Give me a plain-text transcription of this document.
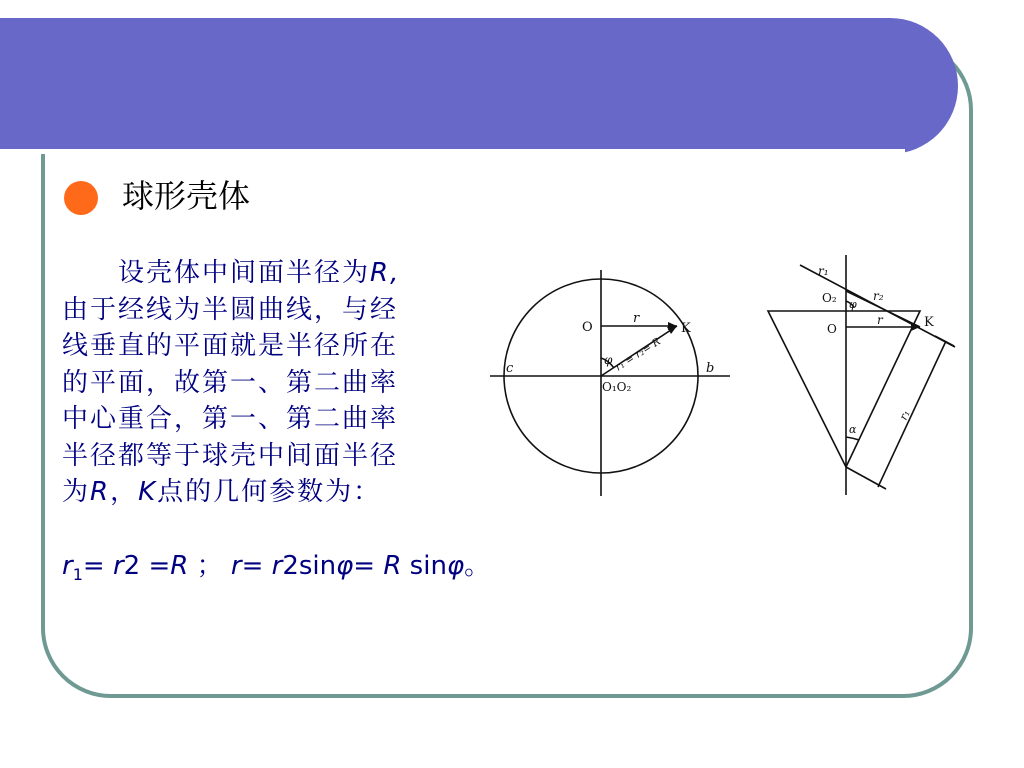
球形壳体
　　设壳体中间面半径为R,
由于经线为半圆曲线，与经
线垂直的平面就是半径所在
的平面，故第一、第二曲率
中心重合，第一、第二曲率
半径都等于球壳中间面半径
为R，K点的几何参数为：
$r_1= r2 =R$ ； r= r2sinφ= R sinφ。
O
r
K
φ r₁ = r₂= R
c	b
O₁O₂
r₁
O₂ φ
r₂
O
r	K
α
r₁
